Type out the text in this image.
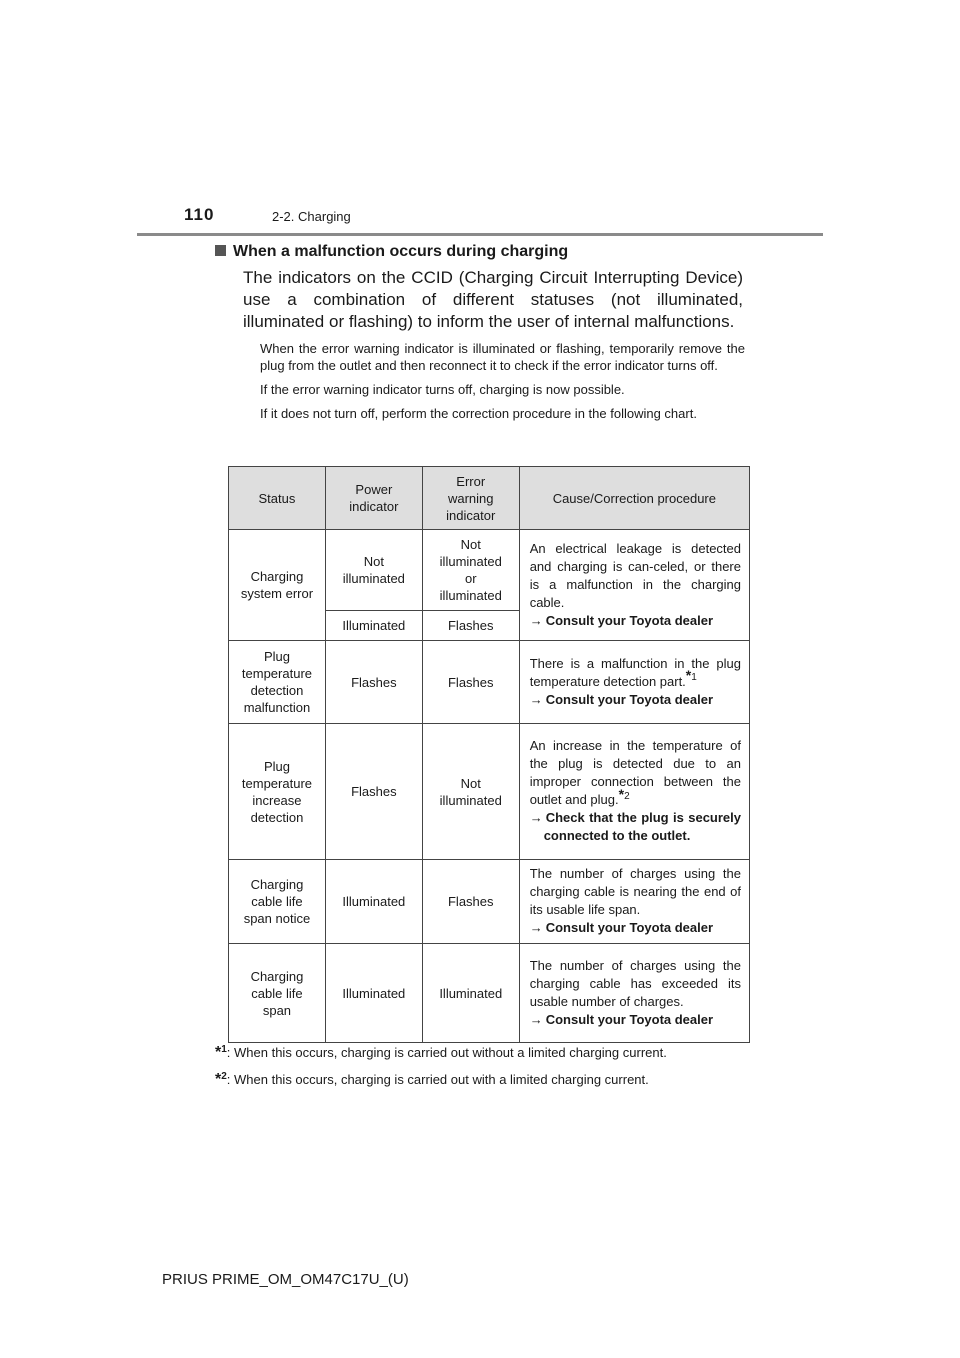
110	2-2. Charging
When a malfunction occurs during charging
The indicators on the CCID (Charging Circuit Interrupting Device) use a combination of different statuses (not illuminated, illuminated or flashing) to inform the user of internal malfunctions.

When the error warning indicator is illuminated or flashing, temporarily remove the plug from the outlet and then reconnect it to check if the error indicator turns off.

If the error warning indicator turns off, charging is now possible.

If it does not turn off, perform the correction procedure in the following chart.

Status	Power indicator	Error warning indicator	Cause/Correction procedure

Charging system error	Not illuminated	Not illuminated or illuminated	An electrical leakage is detected and charging is can-celed, or there is a malfunction in the charging cable.
→ Consult your Toyota dealer

	Illuminated	Flashes	

Plug temperature detection malfunction	Flashes	Flashes	There is a malfunction in the plug temperature detection part.$^{*1}$
→ Consult your Toyota dealer

Plug temperature increase detection	Flashes	Not illuminated	An increase in the temperature of the plug is detected due to an improper connection between the outlet and plug.$^{*2}$
→ Check that the plug is securely connected to the outlet.

Charging cable life span notice	Illuminated	Flashes	The number of charges using the charging cable is nearing the end of its usable life span.
→ Consult your Toyota dealer

Charging cable life span	Illuminated	Illuminated	The number of charges using the charging cable has exceeded its usable number of charges.
→ Consult your Toyota dealer
*$^1$: When this occurs, charging is carried out without a limited charging current.
*$^2$: When this occurs, charging is carried out with a limited charging current.
PRIUS PRIME_OM_OM47C17U_(U)
